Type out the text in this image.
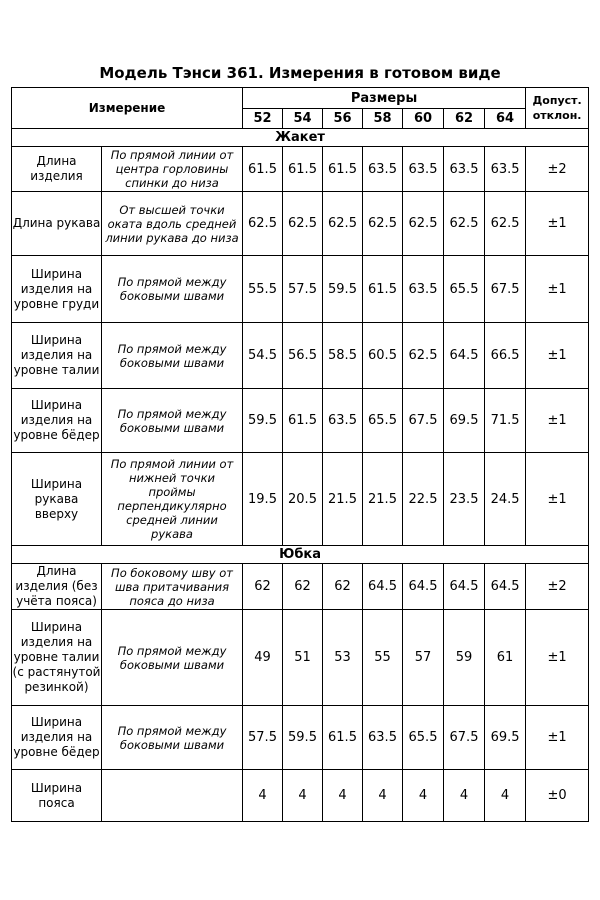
Модель Тэнси 361. Измерения в готовом виде
Измерение		Размеры							Допуст. отклон.
		52	54	56	58	60	62	64	
Жакет									
Длина изделия	По прямой линии от центра горловины спинки до низа	61.5	61.5	61.5	63.5	63.5	63.5	63.5	±2
Длина рукава	От высшей точки оката вдоль средней линии рукава до низа	62.5	62.5	62.5	62.5	62.5	62.5	62.5	±1
Ширина изделия на уровне груди	По прямой между боковыми швами	55.5	57.5	59.5	61.5	63.5	65.5	67.5	±1
Ширина изделия на уровне талии	По прямой между боковыми швами	54.5	56.5	58.5	60.5	62.5	64.5	66.5	±1
Ширина изделия на уровне бёдер	По прямой между боковыми швами	59.5	61.5	63.5	65.5	67.5	69.5	71.5	±1
Ширина рукава вверху	По прямой линии от нижней точки проймы перпендикулярно средней линии рукава	19.5	20.5	21.5	21.5	22.5	23.5	24.5	±1
Юбка									
Длина изделия (без учёта пояса)	По боковому шву от шва притачивания пояса до низа	62	62	62	64.5	64.5	64.5	64.5	±2
Ширина изделия на уровне талии (с растянутой резинкой)	По прямой между боковыми швами	49	51	53	55	57	59	61	±1
Ширина изделия на уровне бёдер	По прямой между боковыми швами	57.5	59.5	61.5	63.5	65.5	67.5	69.5	±1
Ширина пояса		4	4	4	4	4	4	4	±0
